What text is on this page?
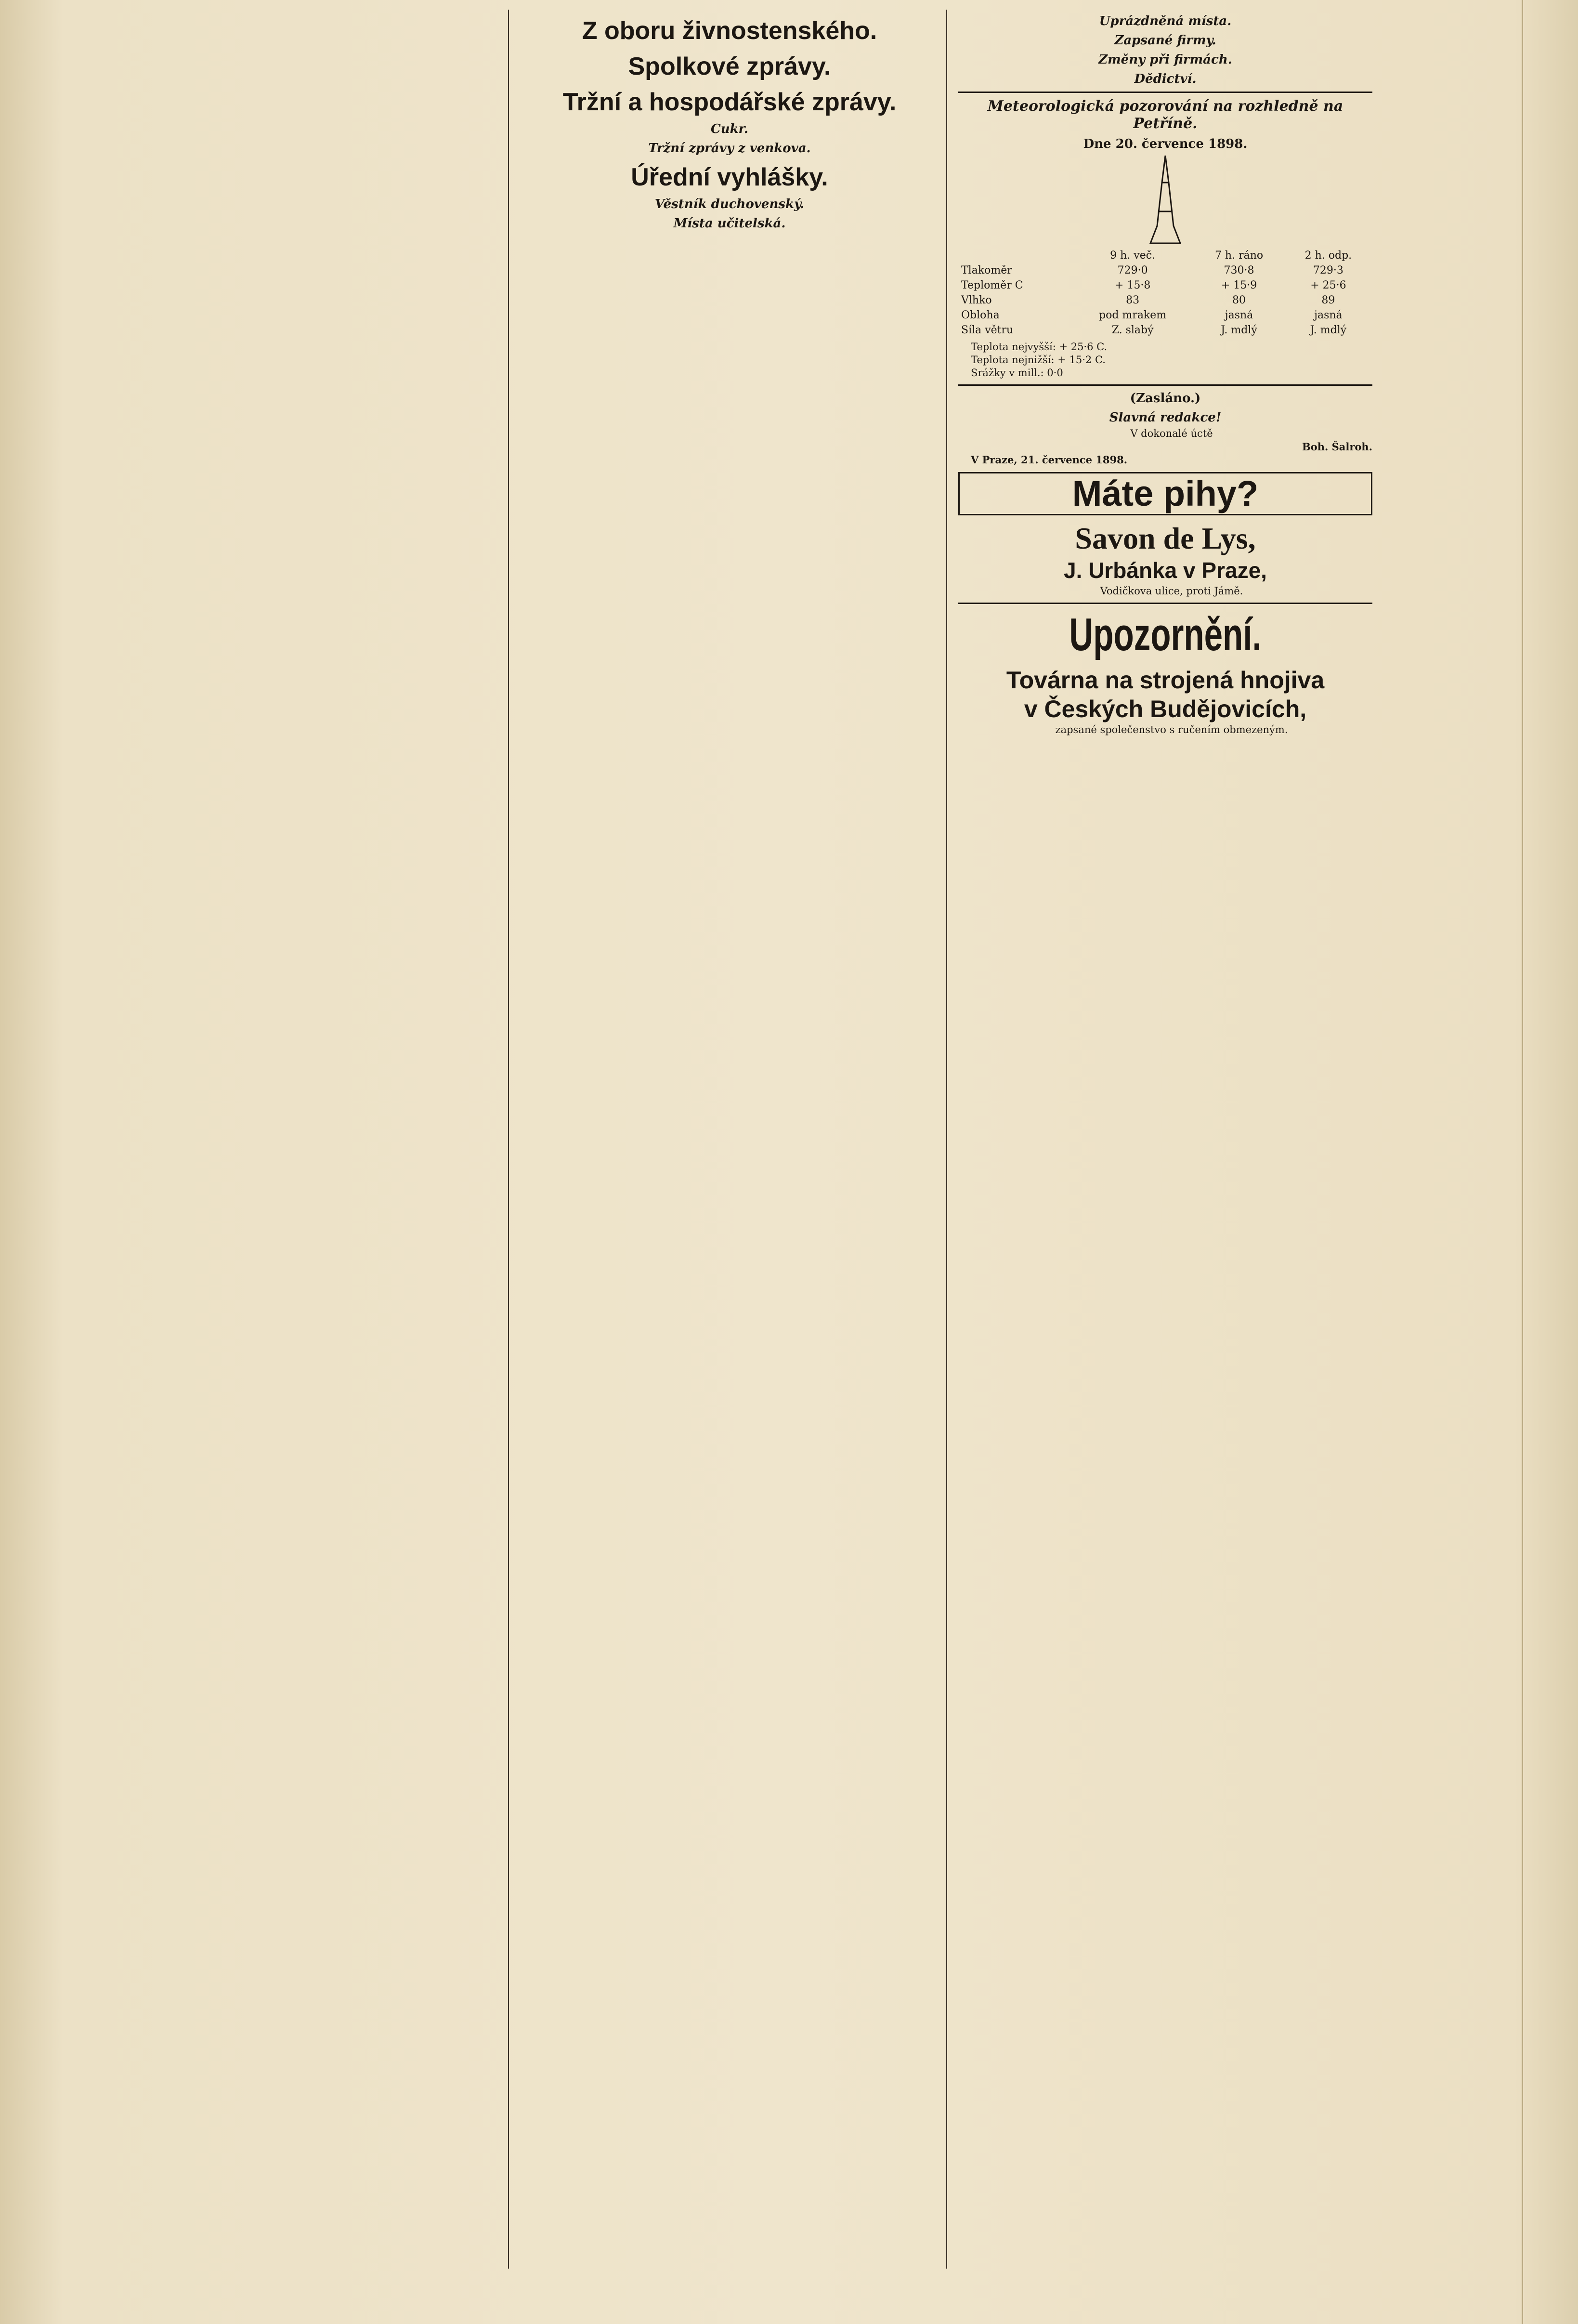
Z oboru živnostenského.

Spolkové zprávy.

Tržní a hospodářské zprávy.

Cukr.

Tržní zprávy z venkova.

Úřední vyhlášky.
Věstník duchovenský.

Místa učitelská.

Uprázdněná místa.

Zapsané firmy.

Změny při firmách.

Dědictví.

Meteorologická pozorování na rozhledně na Petříně.
Dne 20. července 1898.
	9 h. več.	7 h. ráno	2 h. odp.
Tlakoměr	729·0	730·8	729·3
Teploměr C	+ 15·8	+ 15·9	+ 25·6
Vlhko	83	80	89
Obloha	pod mrakem	jasná	jasná
Síla větru	Z. slabý	J. mdlý	J. mdlý

Teplota nejvyšší: + 25·6 C.

Teplota nejnižší: + 15·2 C.

Srážky v mill.: 0·0

(Zasláno.)
Slavná redakce!

V dokonalé úctě

Boh. Šalroh.

V Praze, 21. července 1898.

Máte pihy?

Savon de Lys,
J. Urbánka v Praze,

Vodičkova ulice, proti Jámě.

Upozornění.

Továrna na strojená hnojiva
v Českých Budějovicích,

zapsané společenstvo s ručením obmezeným.
